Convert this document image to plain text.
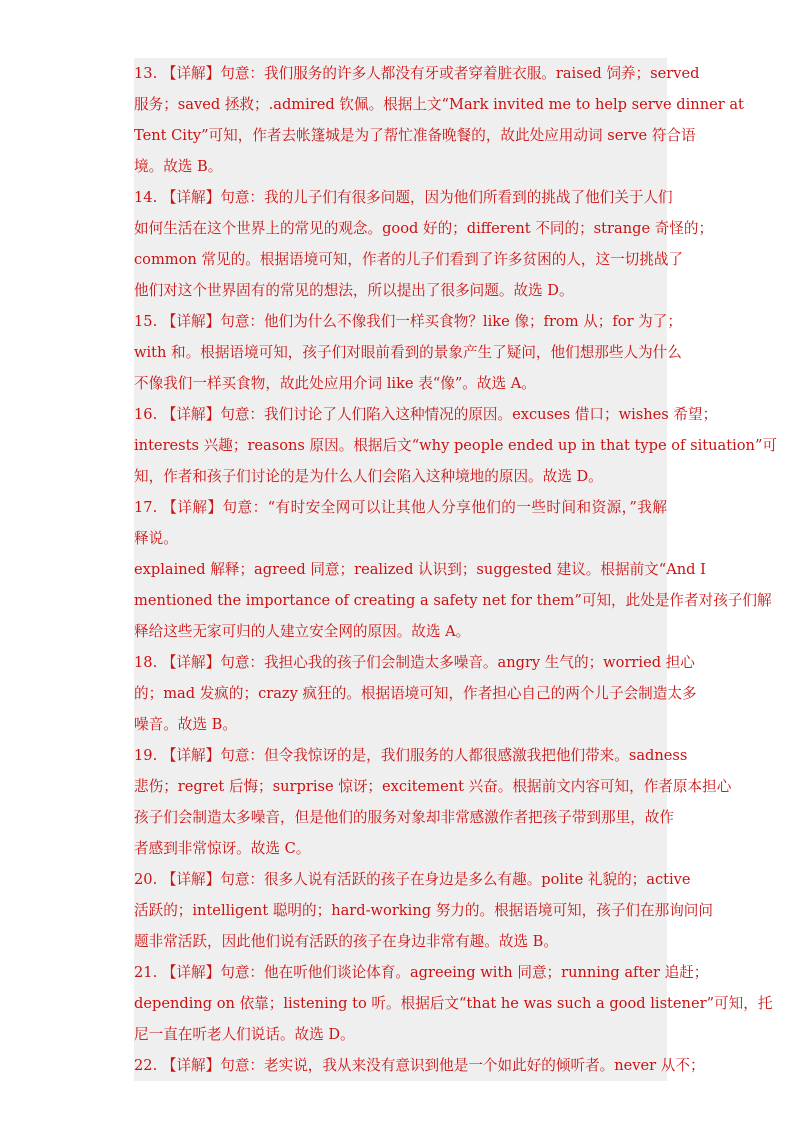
13. 【详解】句意：我们服务的许多人都没有牙或者穿着脏衣服。raised 饲养；served
服务；saved 拯救；.admired 钦佩。根据上文“Mark invited me to help serve dinner at
Tent City”可知，作者去帐篷城是为了帮忙准备晚餐的，故此处应用动词 serve 符合语
境。故选 B。
14. 【详解】句意：我的儿子们有很多问题，因为他们所看到的挑战了他们关于人们
如何生活在这个世界上的常见的观念。good 好的；different 不同的；strange 奇怪的；
common 常见的。根据语境可知，作者的儿子们看到了许多贫困的人，这一切挑战了
他们对这个世界固有的常见的想法，所以提出了很多问题。故选 D。
15. 【详解】句意：他们为什么不像我们一样买食物？like 像；from 从；for 为了；
with 和。根据语境可知，孩子们对眼前看到的景象产生了疑问，他们想那些人为什么
不像我们一样买食物，故此处应用介词 like 表“像”。故选 A。
16. 【详解】句意：我们讨论了人们陷入这种情况的原因。excuses 借口；wishes 希望；
interests 兴趣；reasons 原因。根据后文“why people ended up in that type of situation”可
知，作者和孩子们讨论的是为什么人们会陷入这种境地的原因。故选 D。
17. 【详解】句意：“有时安全网可以让其他人分享他们的一些时间和资源，”我解
释说。
explained 解释；agreed 同意；realized 认识到；suggested 建议。根据前文“And I
mentioned the importance of creating a safety net for them”可知，此处是作者对孩子们解
释给这些无家可归的人建立安全网的原因。故选 A。
18. 【详解】句意：我担心我的孩子们会制造太多噪音。angry 生气的；worried 担心
的；mad 发疯的；crazy 疯狂的。根据语境可知，作者担心自己的两个儿子会制造太多
噪音。故选 B。
19. 【详解】句意：但令我惊讶的是，我们服务的人都很感激我把他们带来。sadness
悲伤；regret 后悔；surprise 惊讶；excitement 兴奋。根据前文内容可知，作者原本担心
孩子们会制造太多噪音，但是他们的服务对象却非常感激作者把孩子带到那里，故作
者感到非常惊讶。故选 C。
20. 【详解】句意：很多人说有活跃的孩子在身边是多么有趣。polite 礼貌的；active
活跃的；intelligent 聪明的；hard-working 努力的。根据语境可知，孩子们在那询问问
题非常活跃，因此他们说有活跃的孩子在身边非常有趣。故选 B。
21. 【详解】句意：他在听他们谈论体育。agreeing with 同意；running after 追赶；
depending on 依靠；listening to 听。根据后文“that he was such a good listener”可知，托
尼一直在听老人们说话。故选 D。
22. 【详解】句意：老实说，我从来没有意识到他是一个如此好的倾听者。never 从不；
